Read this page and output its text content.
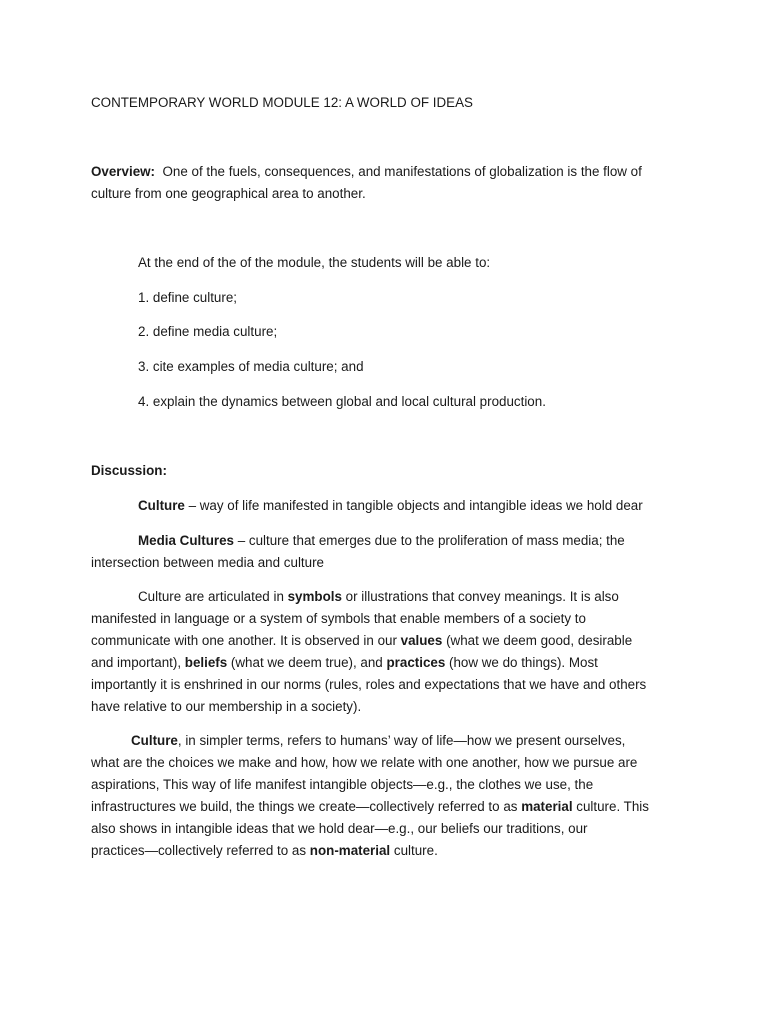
CONTEMPORARY WORLD MODULE 12: A WORLD OF IDEAS
Overview: One of the fuels, consequences, and manifestations of globalization is the flow of
culture from one geographical area to another.
At the end of the of the module, the students will be able to:
1. define culture;
2. define media culture;
3. cite examples of media culture; and
4. explain the dynamics between global and local cultural production.
Discussion:
Culture – way of life manifested in tangible objects and intangible ideas we hold dear
Media Cultures – culture that emerges due to the proliferation of mass media; the
intersection between media and culture
Culture are articulated in symbols or illustrations that convey meanings. It is also
manifested in language or a system of symbols that enable members of a society to
communicate with one another. It is observed in our values (what we deem good, desirable
and important), beliefs (what we deem true), and practices (how we do things). Most
importantly it is enshrined in our norms (rules, roles and expectations that we have and others
have relative to our membership in a society).
Culture, in simpler terms, refers to humans’ way of life—how we present ourselves,
what are the choices we make and how, how we relate with one another, how we pursue are
aspirations, This way of life manifest intangible objects—e.g., the clothes we use, the
infrastructures we build, the things we create—collectively referred to as material culture. This
also shows in intangible ideas that we hold dear—e.g., our beliefs our traditions, our
practices—collectively referred to as non-material culture.
